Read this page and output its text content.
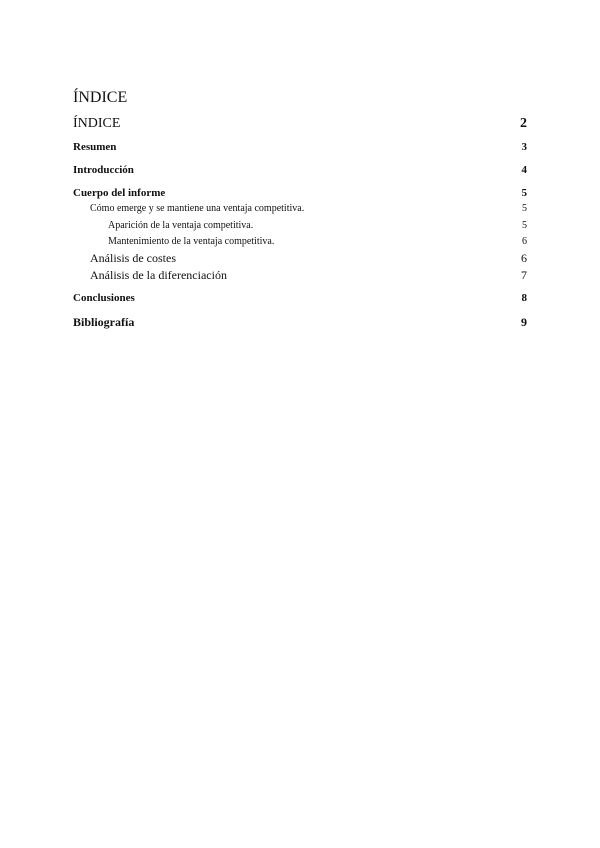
ÍNDICE
ÍNDICE	2
Resumen	3
Introducción	4
Cuerpo del informe	5
Cómo emerge y se mantiene una ventaja competitiva.	5
Aparición de la ventaja competitiva.	5
Mantenimiento de la ventaja competitiva.	6
Análisis de costes	6
Análisis de la diferenciación	7
Conclusiones	8
Bibliografía	9
